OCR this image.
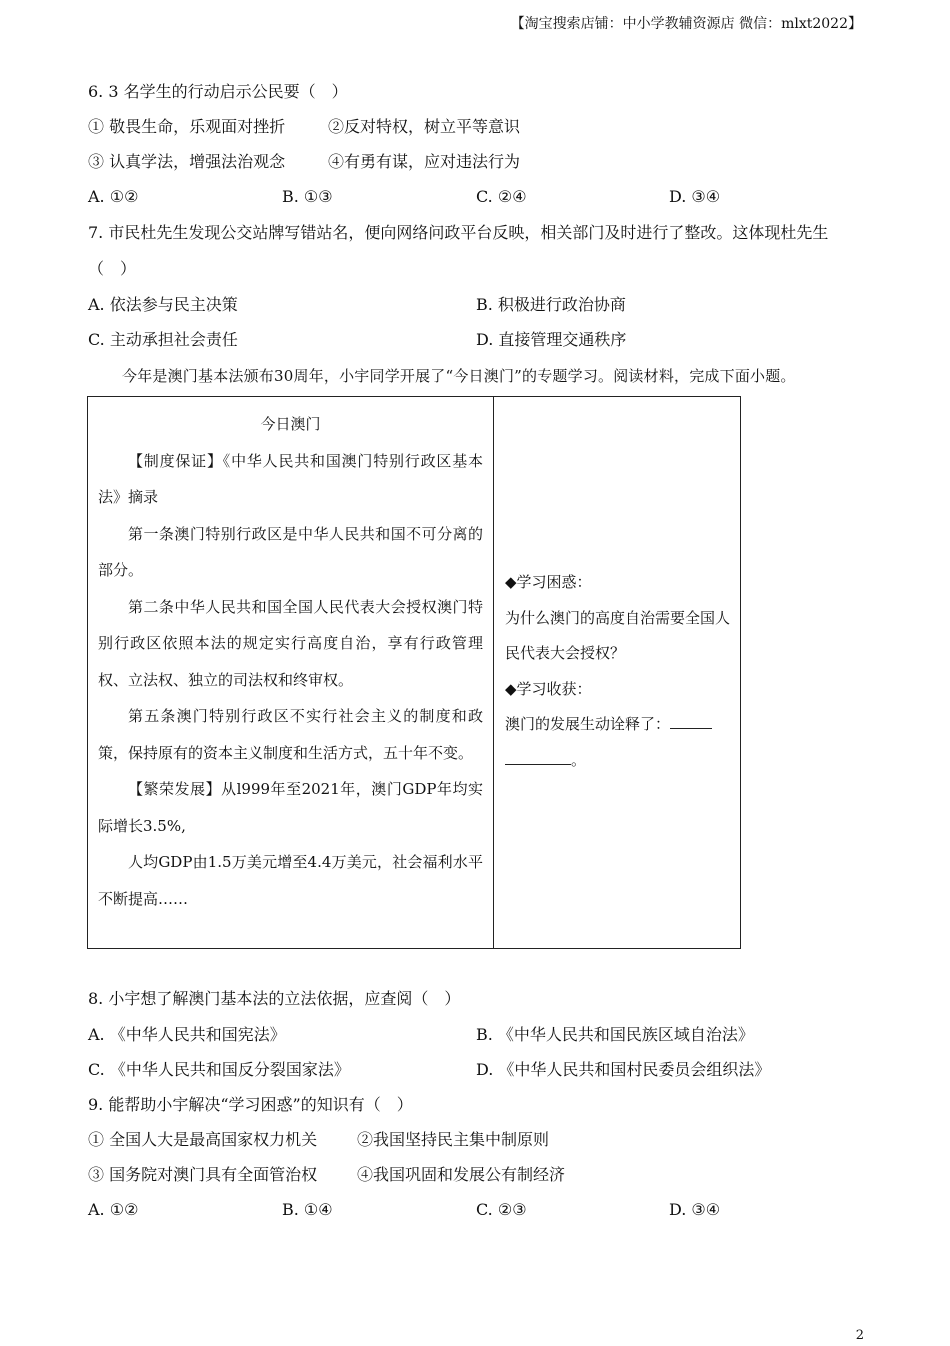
【淘宝搜索店铺：中小学教辅资源店 微信：mlxt2022】
6. 3 名学生的行动启示公民要（　）
① 敬畏生命，乐观面对挫折	②反对特权，树立平等意识
③ 认真学法，增强法治观念	④有勇有谋，应对违法行为
A. ①②	B. ①③	C. ②④	D. ③④
7. 市民杜先生发现公交站牌写错站名，便向网络问政平台反映，相关部门及时进行了整改。这体现杜先生
（　）
A. 依法参与民主决策	B. 积极进行政治协商
C. 主动承担社会责任	D. 直接管理交通秩序
今年是澳门基本法颁布30周年，小宇同学开展了“今日澳门”的专题学习。阅读材料，完成下面小题。

今日澳门

【制度保证】《中华人民共和国澳门特别行政区基本法》摘录

第一条澳门特别行政区是中华人民共和国不可分离的部分。

第二条中华人民共和国全国人民代表大会授权澳门特别行政区依照本法的规定实行高度自治，享有行政管理权、立法权、独立的司法权和终审权。

第五条澳门特别行政区不实行社会主义的制度和政策，保持原有的资本主义制度和生活方式，五十年不变。

【繁荣发展】从l999年至2021年，澳门GDP年均实际增长3.5%,

人均GDP由1.5万美元增至4.4万美元，社会福利水平不断提高……

◆学习困惑：

为什么澳门的高度自治需要全国人民代表大会授权？

◆学习收获：

澳门的发展生动诠释了：

。

8. 小宇想了解澳门基本法的立法依据，应查阅（　）
A. 《中华人民共和国宪法》	B. 《中华人民共和国民族区域自治法》
C. 《中华人民共和国反分裂国家法》	D. 《中华人民共和国村民委员会组织法》
9. 能帮助小宇解决“学习困惑”的知识有（　）
① 全国人大是最高国家权力机关 ②我国坚持民主集中制原则
③ 国务院对澳门具有全面管治权 ④我国巩固和发展公有制经济
A. ①②	B. ①④	C. ②③	D. ③④
2
